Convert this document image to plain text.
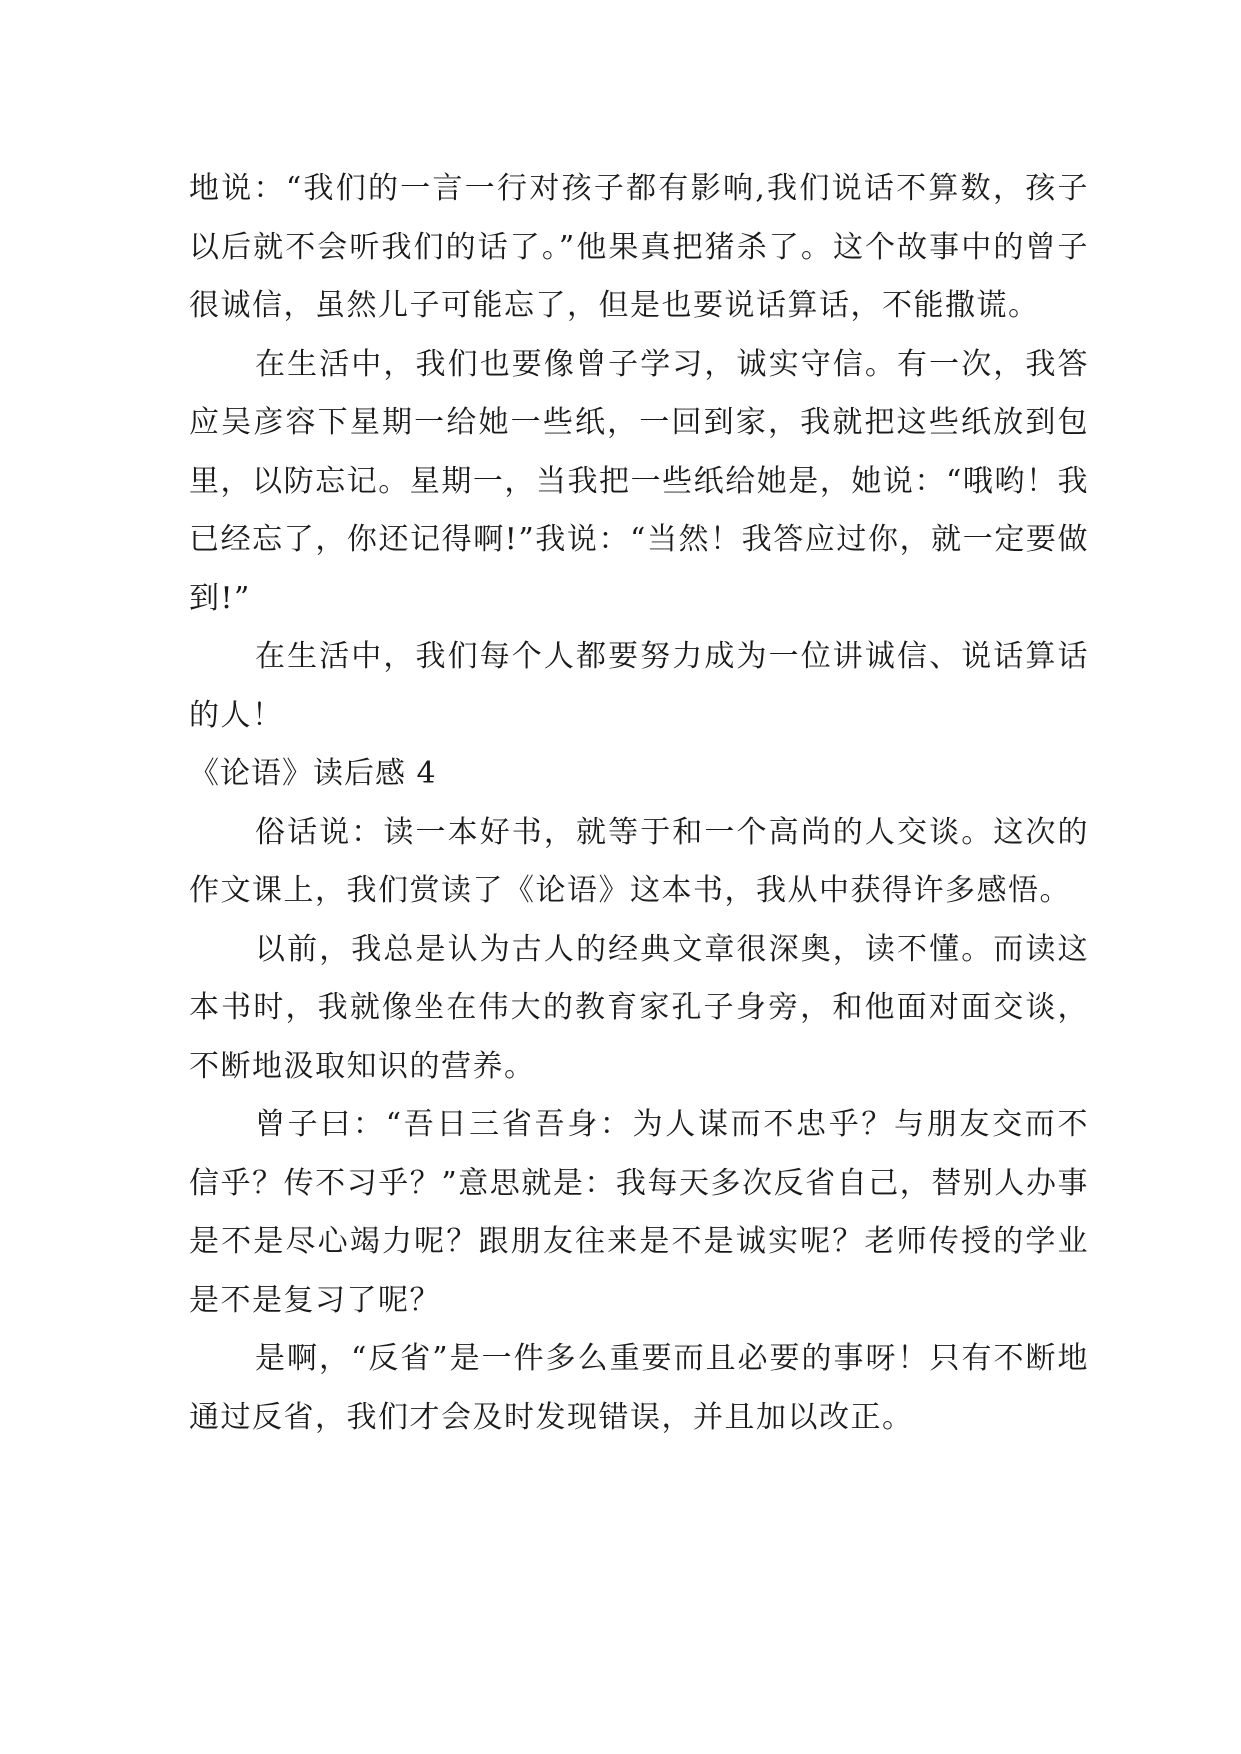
地说：“我们的一言一行对孩子都有影响,我们说话不算数，孩子以后就不会听我们的话了。”他果真把猪杀了。这个故事中的曾子很诚信，虽然儿子可能忘了，但是也要说话算话，不能撒谎。

在生活中，我们也要像曾子学习，诚实守信。有一次，我答应吴彦容下星期一给她一些纸，一回到家，我就把这些纸放到包里，以防忘记。星期一，当我把一些纸给她是，她说：“哦哟！我已经忘了，你还记得啊!”我说：“当然！我答应过你，就一定要做到!”

在生活中，我们每个人都要努力成为一位讲诚信、说话算话的人！

《论语》读后感 4

俗话说：读一本好书，就等于和一个高尚的人交谈。这次的作文课上，我们赏读了《论语》这本书，我从中获得许多感悟。

以前，我总是认为古人的经典文章很深奥，读不懂。而读这本书时，我就像坐在伟大的教育家孔子身旁，和他面对面交谈，不断地汲取知识的营养。

曾子曰：“吾日三省吾身：为人谋而不忠乎？与朋友交而不信乎？传不习乎？”意思就是：我每天多次反省自己，替别人办事是不是尽心竭力呢？跟朋友往来是不是诚实呢？老师传授的学业是不是复习了呢？

是啊，“反省”是一件多么重要而且必要的事呀！只有不断地通过反省，我们才会及时发现错误，并且加以改正。
